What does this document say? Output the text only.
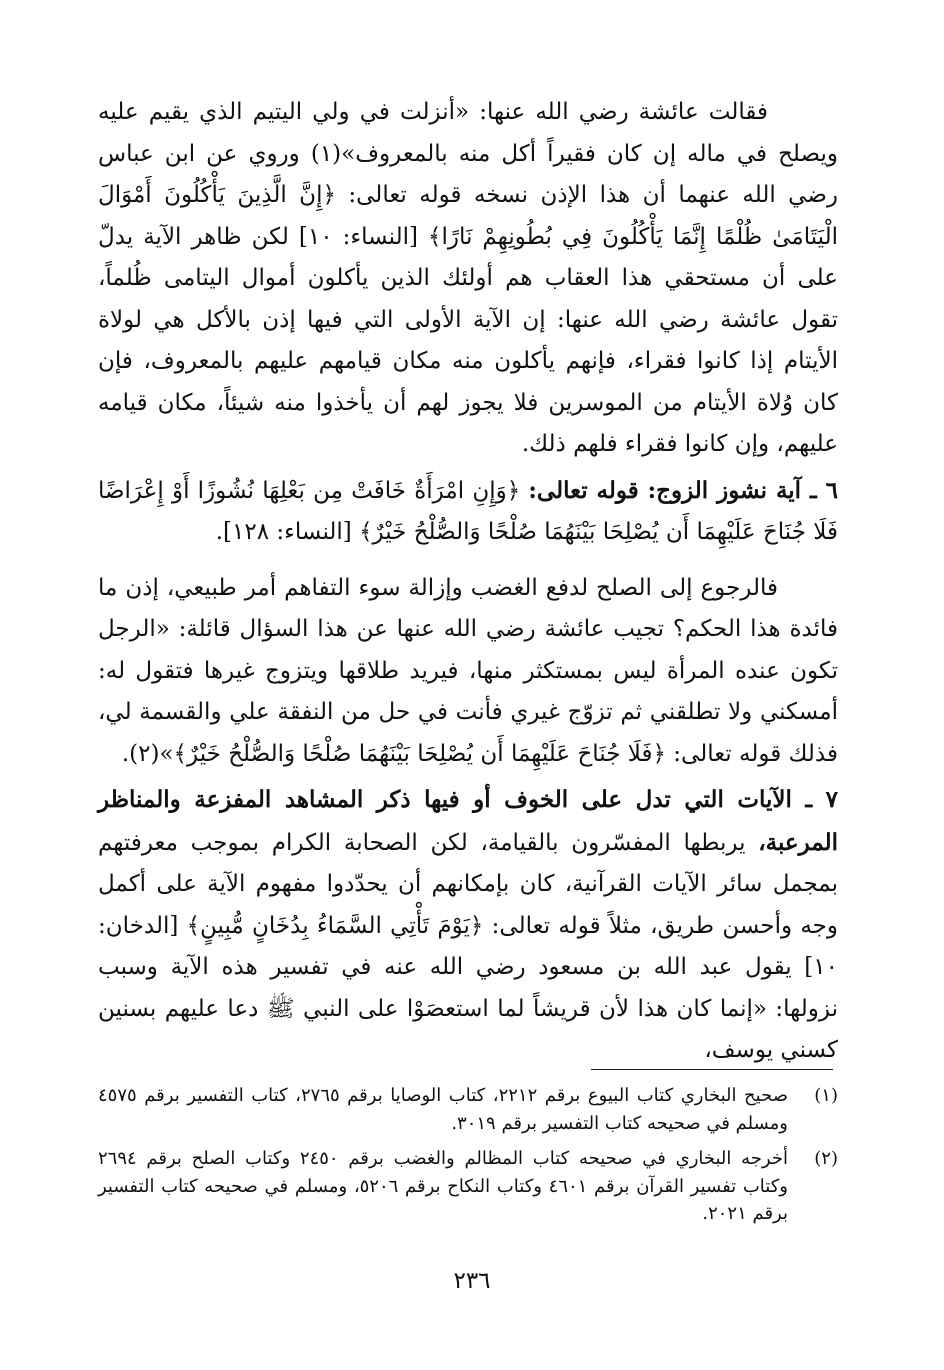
فقالت عائشة رضي الله عنها: «أنزلت في ولي اليتيم الذي يقيم عليه ويصلح في ماله إن كان فقيراً أكل منه بالمعروف»(١) وروي عن ابن عباس رضي الله عنهما أن هذا الإذن نسخه قوله تعالى: ﴿إِنَّ الَّذِينَ يَأْكُلُونَ أَمْوَالَ الْيَتَامَىٰ ظُلْمًا إِنَّمَا يَأْكُلُونَ فِي بُطُونِهِمْ نَارًا﴾ [النساء: ١٠] لكن ظاهر الآية يدلّ على أن مستحقي هذا العقاب هم أولئك الذين يأكلون أموال اليتامى ظُلماً، تقول عائشة رضي الله عنها: إن الآية الأولى التي فيها إذن بالأكل هي لولاة الأيتام إذا كانوا فقراء، فإنهم يأكلون منه مكان قيامهم عليهم بالمعروف، فإن كان وُلاة الأيتام من الموسرين فلا يجوز لهم أن يأخذوا منه شيئاً، مكان قيامه عليهم، وإن كانوا فقراء فلهم ذلك.

٦ ـ آية نشوز الزوج: قوله تعالى: ﴿وَإِنِ امْرَأَةٌ خَافَتْ مِن بَعْلِهَا نُشُوزًا أَوْ إِعْرَاضًا فَلَا جُنَاحَ عَلَيْهِمَا أَن يُصْلِحَا بَيْنَهُمَا صُلْحًا وَالصُّلْحُ خَيْرٌ﴾ [النساء: ١٢٨].

فالرجوع إلى الصلح لدفع الغضب وإزالة سوء التفاهم أمر طبيعي، إذن ما فائدة هذا الحكم؟ تجيب عائشة رضي الله عنها عن هذا السؤال قائلة: «الرجل تكون عنده المرأة ليس بمستكثر منها، فيريد طلاقها ويتزوج غيرها فتقول له: أمسكني ولا تطلقني ثم تزوّج غيري فأنت في حل من النفقة علي والقسمة لي، فذلك قوله تعالى: ﴿فَلَا جُنَاحَ عَلَيْهِمَا أَن يُصْلِحَا بَيْنَهُمَا صُلْحًا وَالصُّلْحُ خَيْرٌ﴾»(٢).

٧ ـ الآيات التي تدل على الخوف أو فيها ذكر المشاهد المفزعة والمناظر المرعبة، يربطها المفسّرون بالقيامة، لكن الصحابة الكرام بموجب معرفتهم بمجمل سائر الآيات القرآنية، كان بإمكانهم أن يحدّدوا مفهوم الآية على أكمل وجه وأحسن طريق، مثلاً قوله تعالى: ﴿يَوْمَ تَأْتِي السَّمَاءُ بِدُخَانٍ مُّبِينٍ﴾ [الدخان: ١٠] يقول عبد الله بن مسعود رضي الله عنه في تفسير هذه الآية وسبب نزولها: «إنما كان هذا لأن قريشاً لما استعصَوْا على النبي ﷺ دعا عليهم بسنين كسني يوسف،

(١)
صحيح البخاري كتاب البيوع برقم ٢٢١٢، كتاب الوصايا برقم ٢٧٦٥، كتاب التفسير برقم ٤٥٧٥ ومسلم في صحيحه كتاب التفسير برقم ٣٠١٩.
(٢)
أخرجه البخاري في صحيحه كتاب المظالم والغضب برقم ٢٤٥٠ وكتاب الصلح برقم ٢٦٩٤ وكتاب تفسير القرآن برقم ٤٦٠١ وكتاب النكاح برقم ٥٢٠٦، ومسلم في صحيحه كتاب التفسير برقم ٢٠٢١.
٢٣٦
